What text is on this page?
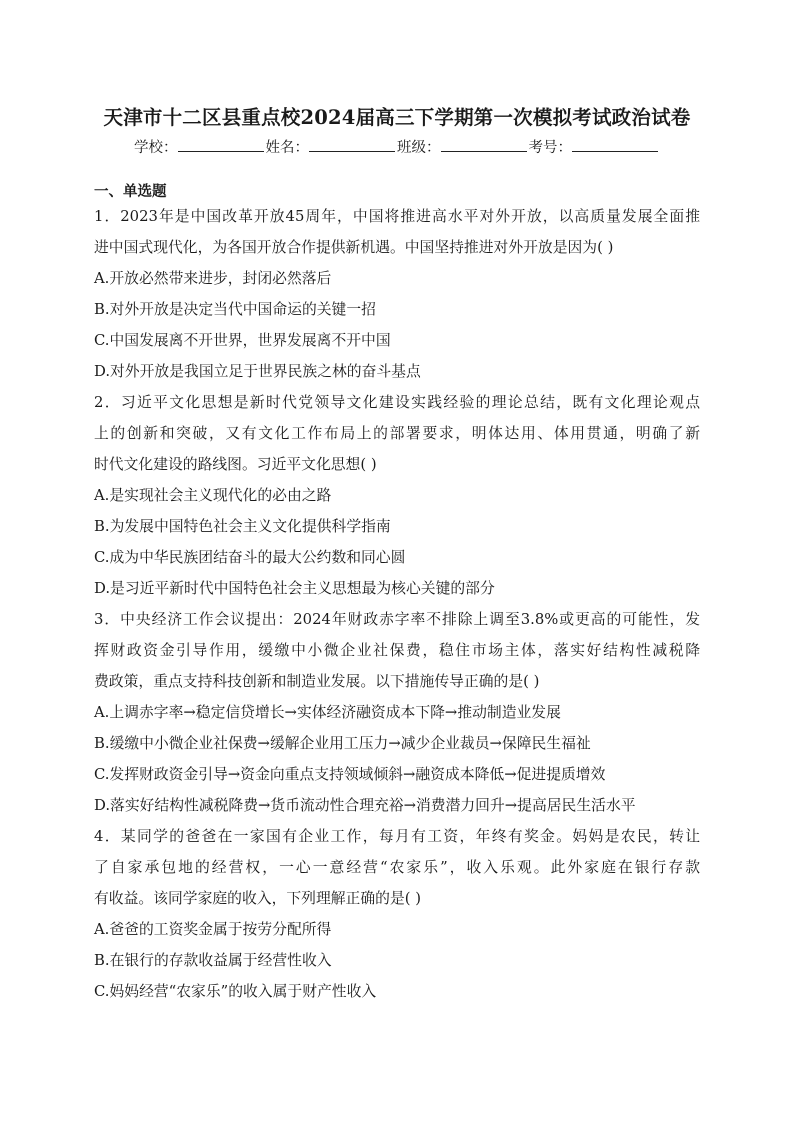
天津市十二区县重点校2024届高三下学期第一次模拟考试政治试卷
学校：	姓名：	班级：	考号：
一、单选题
1．2023年是中国改革开放45周年，中国将推进高水平对外开放，以高质量发展全面推
进中国式现代化，为各国开放合作提供新机遇。中国坚持推进对外开放是因为( )

A.开放必然带来进步，封闭必然落后

B.对外开放是决定当代中国命运的关键一招

C.中国发展离不开世界，世界发展离不开中国

D.对外开放是我国立足于世界民族之林的奋斗基点

2．习近平文化思想是新时代党领导文化建设实践经验的理论总结，既有文化理论观点
上的创新和突破，又有文化工作布局上的部署要求，明体达用、体用贯通，明确了新
时代文化建设的路线图。习近平文化思想( )

A.是实现社会主义现代化的必由之路

B.为发展中国特色社会主义文化提供科学指南

C.成为中华民族团结奋斗的最大公约数和同心圆

D.是习近平新时代中国特色社会主义思想最为核心关键的部分

3．中央经济工作会议提出：2024年财政赤字率不排除上调至3.8%或更高的可能性，发
挥财政资金引导作用，缓缴中小微企业社保费，稳住市场主体，落实好结构性减税降
费政策，重点支持科技创新和制造业发展。以下措施传导正确的是( )

A.上调赤字率→稳定信贷增长→实体经济融资成本下降→推动制造业发展

B.缓缴中小微企业社保费→缓解企业用工压力→减少企业裁员→保障民生福祉

C.发挥财政资金引导→资金向重点支持领域倾斜→融资成本降低→促进提质增效

D.落实好结构性减税降费→货币流动性合理充裕→消费潜力回升→提高居民生活水平

4．某同学的爸爸在一家国有企业工作，每月有工资，年终有奖金。妈妈是农民，转让
了自家承包地的经营权，一心一意经营“农家乐”，收入乐观。此外家庭在银行存款
有收益。该同学家庭的收入，下列理解正确的是( )

A.爸爸的工资奖金属于按劳分配所得

B.在银行的存款收益属于经营性收入

C.妈妈经营“农家乐”的收入属于财产性收入
